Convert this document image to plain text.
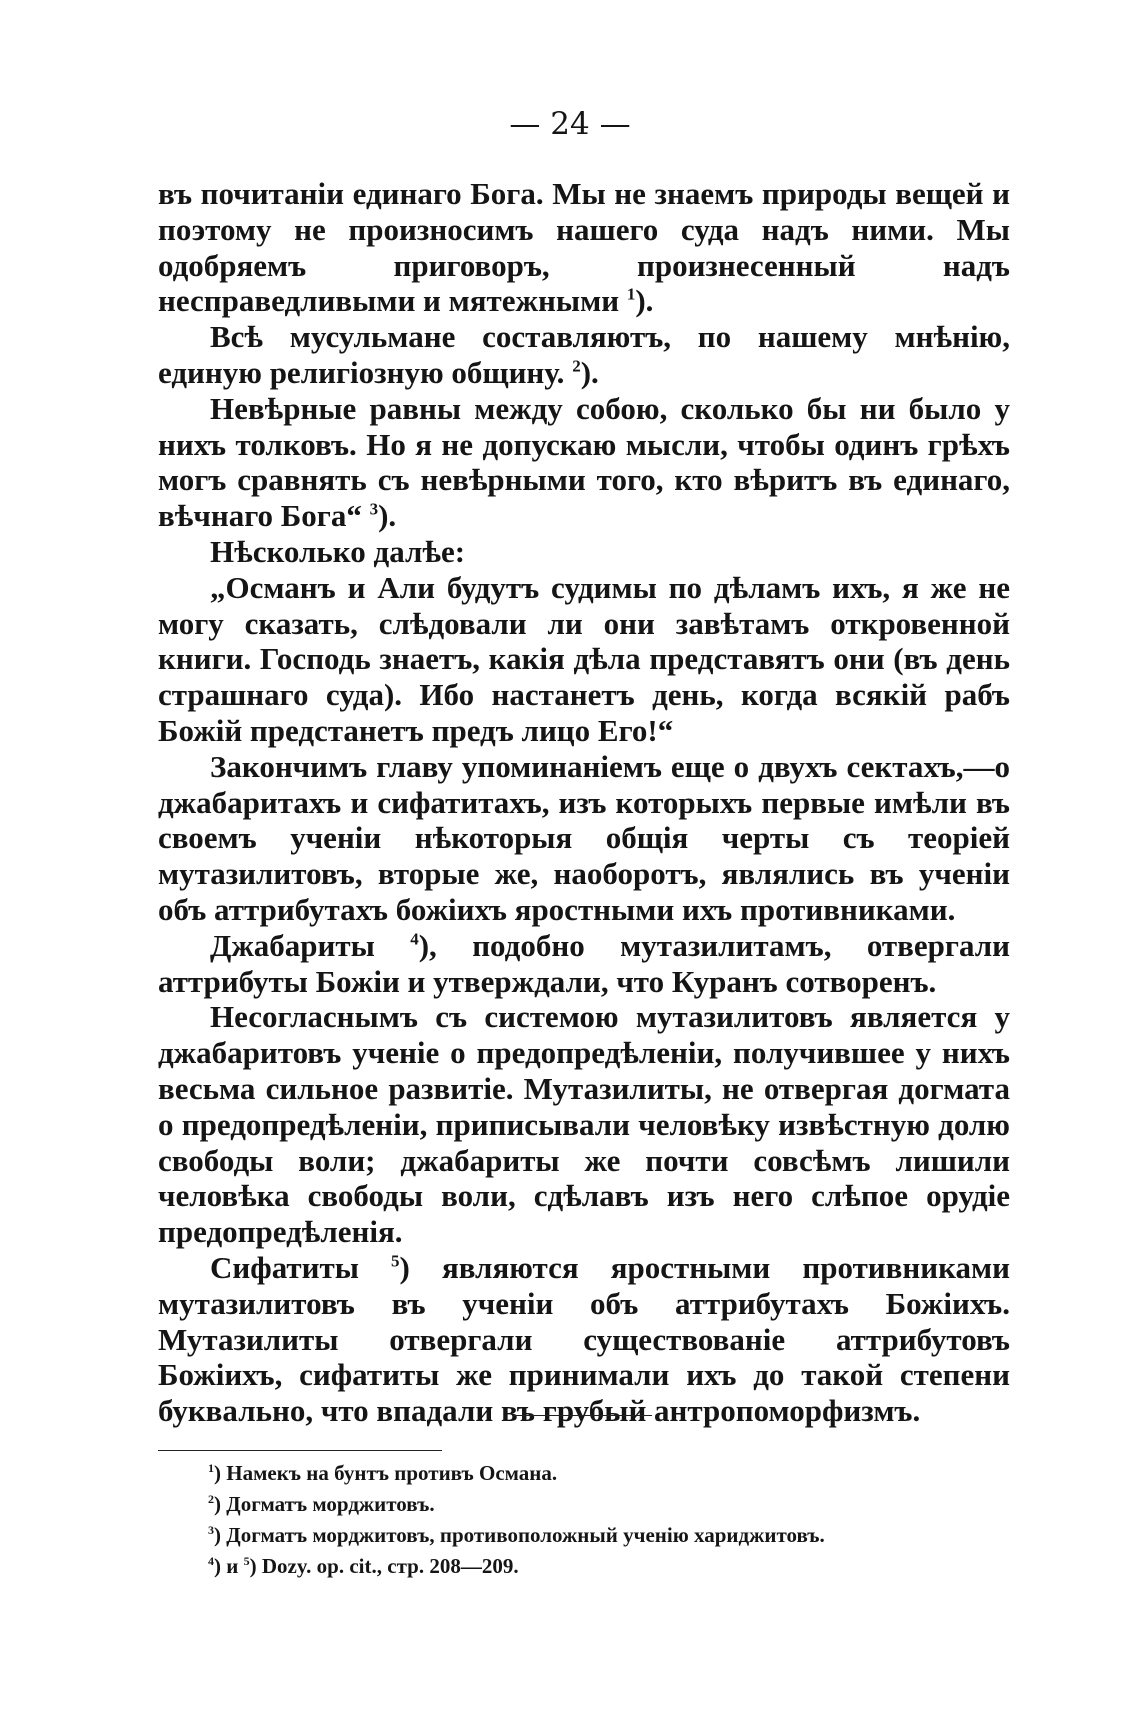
— 24 —

въ почитаніи единаго Бога. Мы не знаемъ природы вещей и поэтому не произносимъ нашего суда надъ ними. Мы одобряемъ приговоръ, произнесенный надъ несправедливыми и мятежными $^1$).

Всѣ мусульмане составляютъ, по нашему мнѣнію, единую религіозную общину. $^2$).

Невѣрные равны между собою, сколько бы ни было у нихъ толковъ. Но я не допускаю мысли, чтобы одинъ грѣхъ могъ сравнять съ невѣрными того, кто вѣритъ въ единаго, вѣчнаго Бога“ $^3$).

Нѣсколько далѣе:

„Османъ и Али будутъ судимы по дѣламъ ихъ, я же не могу сказать, слѣдовали ли они завѣтамъ откровенной книги. Господь знаетъ, какія дѣла представятъ они (въ день страшнаго суда). Ибо настанетъ день, когда всякій рабъ Божій предстанетъ предъ лицо Его!“

Закончимъ главу упоминаніемъ еще о двухъ сектахъ,—о джабаритахъ и сифатитахъ, изъ которыхъ первые имѣли въ своемъ ученіи нѣкоторыя общія черты съ теоріей мутазилитовъ, вторые же, наоборотъ, являлись въ ученіи объ аттрибутахъ божіихъ яростными ихъ противниками.

Джабариты $^4$), подобно мутазилитамъ, отвергали аттрибуты Божіи и утверждали, что Куранъ сотворенъ.

Несогласнымъ съ системою мутазилитовъ является у джабаритовъ ученіе о предопредѣленіи, получившее у нихъ весьма сильное развитіе. Мутазилиты, не отвергая догмата о предопредѣленіи, приписывали человѣку извѣстную долю свободы воли; джабариты же почти совсѣмъ лишили человѣка свободы воли, сдѣлавъ изъ него слѣпое орудіе предопредѣленія.

Сифатиты $^5$) являются яростными противниками мутазилитовъ въ ученіи объ аттрибутахъ Божіихъ. Мутазилиты отвергали существованіе аттрибутовъ Божіихъ, сифатиты же принимали ихъ до такой степени буквально, что впадали въ грубый антропоморфизмъ.

$^1$) Намекъ на бунтъ противъ Османа.

$^2$) Догматъ морджитовъ.

$^3$) Догматъ морджитовъ, противоположный ученію хариджитовъ.

$^4$) и $^5$) Dozy. op. cit., стр. 208—209.
